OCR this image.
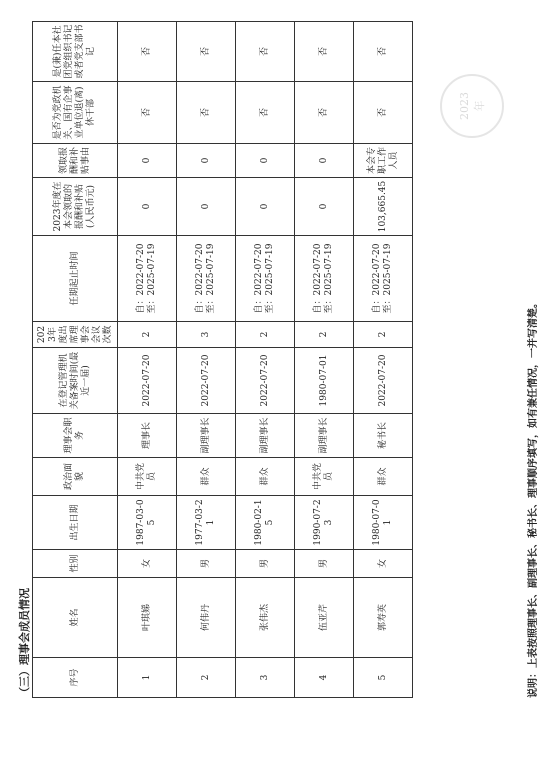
（三）理事会成员情况	序号	姓名	性别	出生日期	政治面貌	理事会职务	在登记管理机关备案时间(最近一届)	2023年度出席理事会会议次数	任期起止时间	2023年度在本会领取的报酬和补贴(人民币元)	领取报酬和补贴事由	是否为党政机关、国有企事业单位退(离)休干部	是(兼)任本社团党组织书记或者党支部书记
1	叶琪娣	女	1987-03-05	中共党员	理事长	2022-07-20	2	自：2022-07-20 至：2025-07-19	0	0	否	否
2	何伟丹	男	1977-03-21	群众	副理事长	2022-07-20	3	自：2022-07-20 至：2025-07-19	0	0	否	否
3	张伟杰	男	1980-02-15	群众	副理事长	2022-07-20	2	自：2022-07-20 至：2025-07-19	0	0	否	否
4	伍亚芹	男	1990-07-23	中共党员	副理事长	1980-07-01	2	自：2022-07-20 至：2025-07-19	0	0	否	否
5	郭寿英	女	1980-07-01	群众	秘书长	2022-07-20	2	自：2022-07-20 至：2025-07-19	103,665.45	本会专职工作人员	否	否
2023 年
说明：上表按照理事长、副理事长、秘书长、理事顺序填写，如有兼任情况，一并写清楚。
